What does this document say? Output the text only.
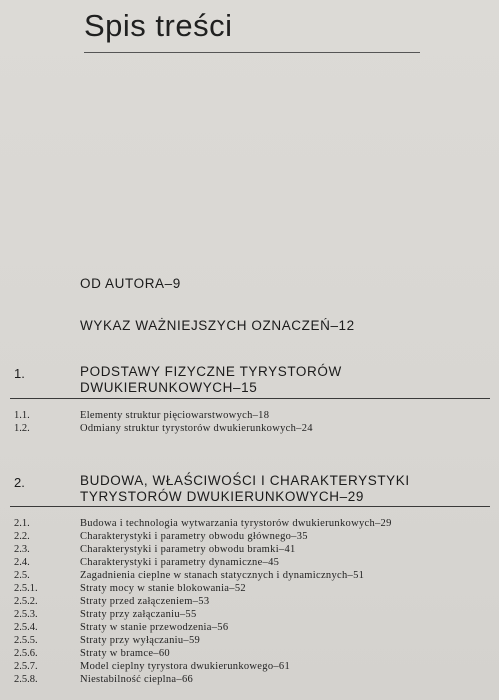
Spis treści
OD AUTORA–9
WYKAZ WAŻNIEJSZYCH OZNACZEŃ–12
1.	PODSTAWY FIZYCZNE TYRYSTORÓW DWUKIERUNKOWYCH–15
1.1.	Elementy struktur pięciowarstwowych–18
1.2.	Odmiany struktur tyrystorów dwukierunkowych–24
2.	BUDOWA, WŁAŚCIWOŚCI I CHARAKTERYSTYKI TYRYSTORÓW DWUKIERUNKOWYCH–29
2.1.	Budowa i technologia wytwarzania tyrystorów dwukierunkowych–29
2.2.	Charakterystyki i parametry obwodu głównego–35
2.3.	Charakterystyki i parametry obwodu bramki–41
2.4.	Charakterystyki i parametry dynamiczne–45
2.5.	Zagadnienia cieplne w stanach statycznych i dynamicznych–51
2.5.1.	Straty mocy w stanie blokowania–52
2.5.2.	Straty przed załączeniem–53
2.5.3.	Straty przy załączaniu–55
2.5.4.	Straty w stanie przewodzenia–56
2.5.5.	Straty przy wyłączaniu–59
2.5.6.	Straty w bramce–60
2.5.7.	Model cieplny tyrystora dwukierunkowego–61
2.5.8.	Niestabilność cieplna–66
